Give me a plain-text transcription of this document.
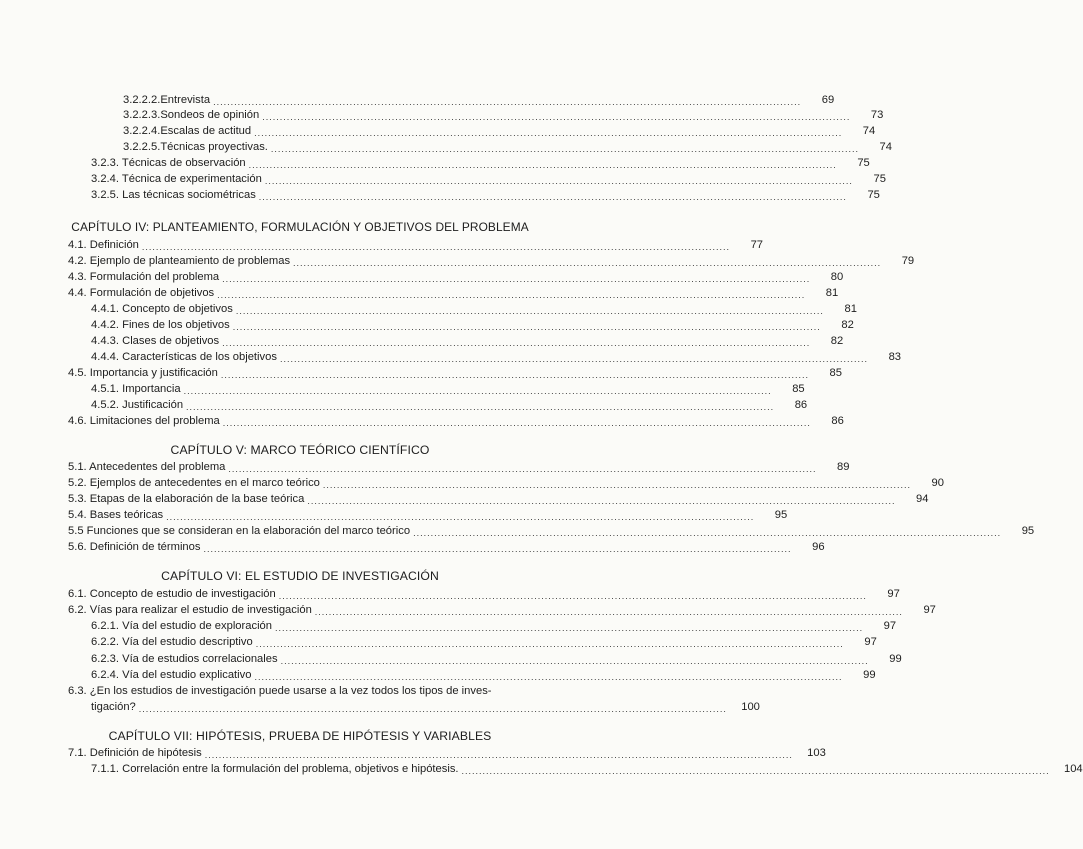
3.2.2.2.Entrevista ........................................................................................................................................................................	69
3.2.2.3.Sondeos de opinión ........................................................................................................................................................................	73
3.2.2.4.Escalas de actitud ........................................................................................................................................................................	74
3.2.2.5.Técnicas proyectivas. ........................................................................................................................................................................	74
3.2.3. Técnicas de observación ........................................................................................................................................................................	75
3.2.4. Técnica de experimentación ........................................................................................................................................................................	75
3.2.5. Las técnicas sociométricas ........................................................................................................................................................................	75
CAPÍTULO IV: PLANTEAMIENTO, FORMULACIÓN Y OBJETIVOS DEL PROBLEMA
4.1. Definición ........................................................................................................................................................................	77
4.2. Ejemplo de planteamiento de problemas ........................................................................................................................................................................	79
4.3. Formulación del problema ........................................................................................................................................................................	80
4.4. Formulación de objetivos ........................................................................................................................................................................	81
4.4.1. Concepto de objetivos ........................................................................................................................................................................	81
4.4.2. Fines de los objetivos ........................................................................................................................................................................	82
4.4.3. Clases de objetivos ........................................................................................................................................................................	82
4.4.4. Características de los objetivos ........................................................................................................................................................................	83
4.5. Importancia y justificación ........................................................................................................................................................................	85
4.5.1. Importancia ........................................................................................................................................................................	85
4.5.2. Justificación ........................................................................................................................................................................	86
4.6. Limitaciones del problema ........................................................................................................................................................................	86
CAPÍTULO V: MARCO TEÓRICO CIENTÍFICO
5.1. Antecedentes del problema ........................................................................................................................................................................	89
5.2. Ejemplos de antecedentes en el marco teórico ........................................................................................................................................................................	90
5.3. Etapas de la elaboración de la base teórica ........................................................................................................................................................................	94
5.4. Bases teóricas ........................................................................................................................................................................	95
5.5 Funciones que se consideran en la elaboración del marco teórico ........................................................................................................................................................................	95
5.6. Definición de términos ........................................................................................................................................................................	96
CAPÍTULO VI: EL ESTUDIO DE INVESTIGACIÓN
6.1. Concepto de estudio de investigación ........................................................................................................................................................................	97
6.2. Vías para realizar el estudio de investigación ........................................................................................................................................................................	97
6.2.1. Vía del estudio de exploración ........................................................................................................................................................................	97
6.2.2. Vía del estudio descriptivo ........................................................................................................................................................................	97
6.2.3. Vía de estudios correlacionales ........................................................................................................................................................................	99
6.2.4. Vía del estudio explicativo ........................................................................................................................................................................	99
6.3. ¿En los estudios de investigación puede usarse a la vez todos los tipos de inves-
tigación? ........................................................................................................................................................................	100
CAPÍTULO VII: HIPÓTESIS, PRUEBA DE HIPÓTESIS Y VARIABLES
7.1. Definición de hipótesis ........................................................................................................................................................................	103
7.1.1. Correlación entre la formulación del problema, objetivos e hipótesis. ........................................................................................................................................................................	104
